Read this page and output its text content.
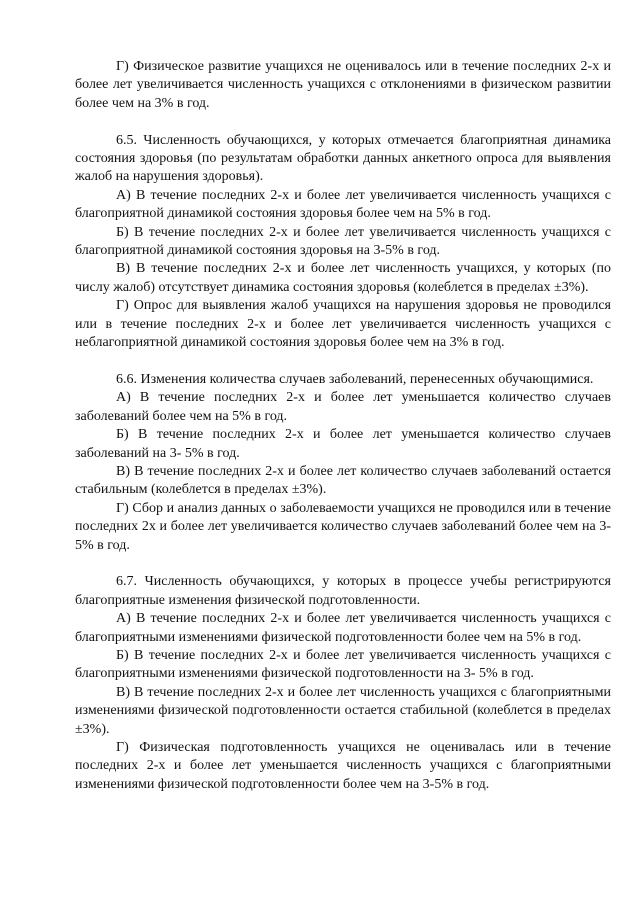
Г) Физическое развитие учащихся не оценивалось или в течение последних 2-х и более лет увеличивается численность учащихся с отклонениями в физическом развитии более чем на 3% в год.

6.5. Численность обучающихся, у которых отмечается благоприятная динамика состояния здоровья (по результатам обработки данных анкетного опроса для выявления жалоб на нарушения здоровья).

А) В течение последних 2-х и более лет увеличивается численность учащихся с благоприятной динамикой состояния здоровья более чем на 5% в год.

Б) В течение последних 2-х и более лет увеличивается численность учащихся с благоприятной динамикой состояния здоровья на 3-5% в год.

В) В течение последних 2-х и более лет численность учащихся, у которых (по числу жалоб) отсутствует динамика состояния здоровья (колеблется в пределах ±3%).

Г) Опрос для выявления жалоб учащихся на нарушения здоровья не проводился или в течение последних 2-х и более лет увеличивается численность учащихся с неблагоприятной динамикой состояния здоровья более чем на 3% в год.

6.6. Изменения количества случаев заболеваний, перенесенных обучающимися.

А) В течение последних 2-х и более лет уменьшается количество случаев заболеваний более чем на 5% в год.

Б) В течение последних 2-х и более лет уменьшается количество случаев заболеваний на 3- 5% в год.

В) В течение последних 2-х и более лет количество случаев заболеваний остается стабильным (колеблется в пределах ±3%).

Г) Сбор и анализ данных о заболеваемости учащихся не проводился или в течение последних 2х и более лет увеличивается количество случаев заболеваний более чем на 3-5% в год.

6.7. Численность обучающихся, у которых в процессе учебы регистрируются благоприятные изменения физической подготовленности.

А) В течение последних 2-х и более лет увеличивается численность учащихся с благоприятными изменениями физической подготовленности более чем на 5% в год.

Б) В течение последних 2-х и более лет увеличивается численность учащихся с благоприятными изменениями физической подготовленности на 3- 5% в год.

В) В течение последних 2-х и более лет численность учащихся с благоприятными изменениями физической подготовленности остается стабильной (колеблется в пределах ±3%).

Г) Физическая подготовленность учащихся не оценивалась или в течение последних 2-х и более лет уменьшается численность учащихся с благоприятными изменениями физической подготовленности более чем на 3-5% в год.
